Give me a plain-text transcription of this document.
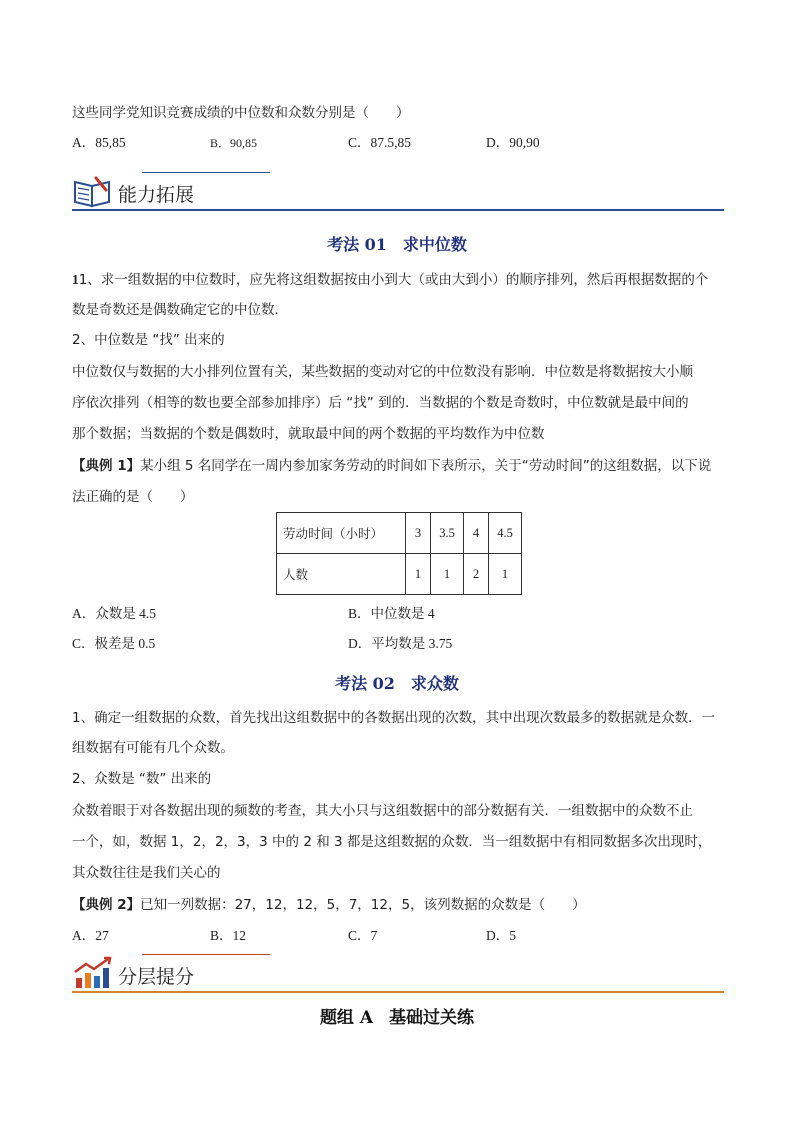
这些同学党知识竞赛成绩的中位数和众数分别是（　　）
A．85,85	B．90,85	C．87.5,85	D．90,90
能力拓展
考法 01 求中位数
11、求一组数据的中位数时，应先将这组数据按由小到大（或由大到小）的顺序排列，然后再根据数据的个
数是奇数还是偶数确定它的中位数．
2、中位数是 “找” 出来的
中位数仅与数据的大小排列位置有关，某些数据的变动对它的中位数没有影响．中位数是将数据按大小顺
序依次排列（相等的数也要全部参加排序）后 “找” 到的．当数据的个数是奇数时，中位数就是最中间的
那个数据；当数据的个数是偶数时，就取最中间的两个数据的平均数作为中位数
【典例 1】某小组 5 名同学在一周内参加家务劳动的时间如下表所示，关于“劳动时间”的这组数据，以下说
法正确的是（　　）
劳动时间（小时）	3	3.5	4	4.5
人数	1	1	2	1
A．众数是 4.5	B．中位数是 4
C．极差是 0.5	D．平均数是 3.75
考法 02 求众数
1、确定一组数据的众数，首先找出这组数据中的各数据出现的次数，其中出现次数最多的数据就是众数．一
组数据有可能有几个众数。
2、众数是 “数” 出来的
众数着眼于对各数据出现的频数的考查，其大小只与这组数据中的部分数据有关．一组数据中的众数不止
一个，如，数据 1，2，2，3，3 中的 2 和 3 都是这组数据的众数．当一组数据中有相同数据多次出现时，
其众数往往是我们关心的
【典例 2】已知一列数据：27，12，12，5，7，12，5，该列数据的众数是（　　）
A．27	B．12	C．7	D．5
分层提分
题组 A 基础过关练
